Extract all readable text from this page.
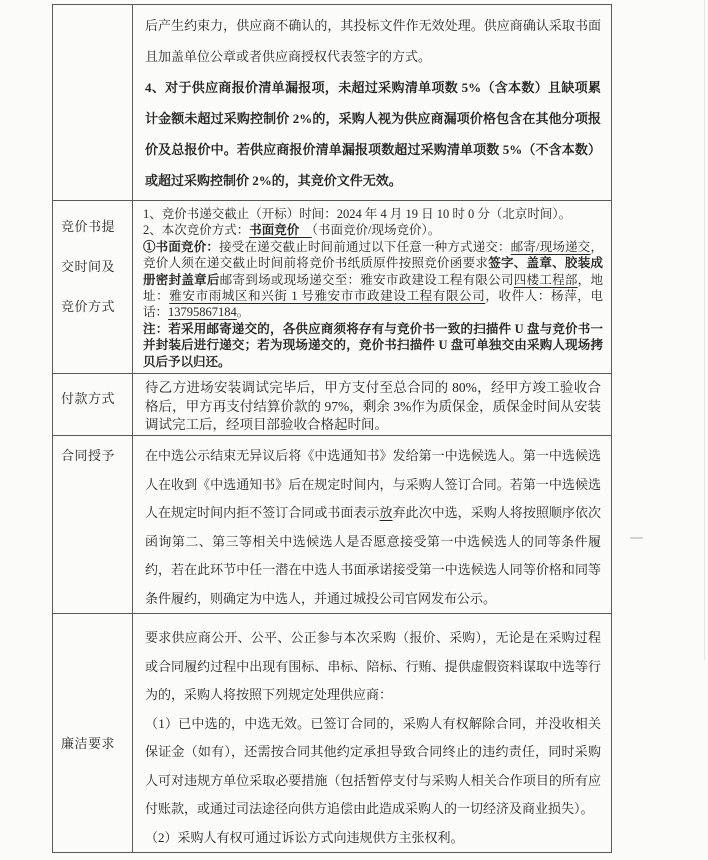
后产生约束力，供应商不确认的，其投标文件作无效处理。供应商确认采取书面且加盖单位公章或者供应商授权代表签字的方式。

4、对于供应商报价清单漏报项，未超过采购清单项数 5%（含本数）且缺项累计金额未超过采购控制价 2%的，采购人视为供应商漏项价格包含在其他分项报价及总报价中。若供应商报价清单漏报项数超过采购清单项数 5%（不含本数）或超过采购控制价 2%的，其竞价文件无效。

竞价书提交时间及竞价方式

1、竞价书递交截止（开标）时间：2024 年 4 月 19 日 10 时 0 分（北京时间）。

2、本次竞价方式：书面竞价　（书面竞价/现场竞价）。

①书面竞价：接受在递交截止时间前通过以下任意一种方式递交：邮寄/现场递交，竞价人须在递交截止时间前将竞价书纸质原件按照竞价函要求签字、盖章、胶装成册密封盖章后邮寄到场或现场递交至：雅安市政建设工程有限公司四楼工程部，地址：雅安市雨城区和兴街 1 号雅安市市政建设工程有限公司，收件人：杨萍，电话：13795867184。

注：若采用邮寄递交的，各供应商须将存有与竞价书一致的扫描件 U 盘与竞价书一并封装后进行递交；若为现场递交的，竞价书扫描件 U 盘可单独交由采购人现场拷贝后予以归还。

付款方式

待乙方进场安装调试完毕后，甲方支付至总合同的 80%，经甲方竣工验收合格后，甲方再支付结算价款的 97%，剩余 3%作为质保金，质保金时间从安装调试完工后，经项目部验收合格起时间。

合同授予	在中选公示结束无异议后将《中选通知书》发给第一中选候选人。第一中选候选人在收到《中选通知书》后在规定时间内，与采购人签订合同。若第一中选候选人在规定时间内拒不签订合同或书面表示放弃此次中选，采购人将按照顺序依次函询第二、第三等相关中选候选人是否愿意接受第一中选候选人的同等条件履约，若在此环节中任一潜在中选人书面承诺接受第一中选候选人同等价格和同等条件履约，则确定为中选人，并通过城投公司官网发布公示。

廉洁要求

要求供应商公开、公平、公正参与本次采购（报价、采购），无论是在采购过程或合同履约过程中出现有围标、串标、陪标、行贿、提供虚假资料谋取中选等行为的，采购人将按照下列规定处理供应商：

（1）已中选的，中选无效。已签订合同的，采购人有权解除合同，并没收相关保证金（如有），还需按合同其他约定承担导致合同终止的违约责任，同时采购人可对违规方单位采取必要措施（包括暂停支付与采购人相关合作项目的所有应付账款，或通过司法途径向供方追偿由此造成采购人的一切经济及商业损失）。

（2）采购人有权可通过诉讼方式向违规供方主张权利。
